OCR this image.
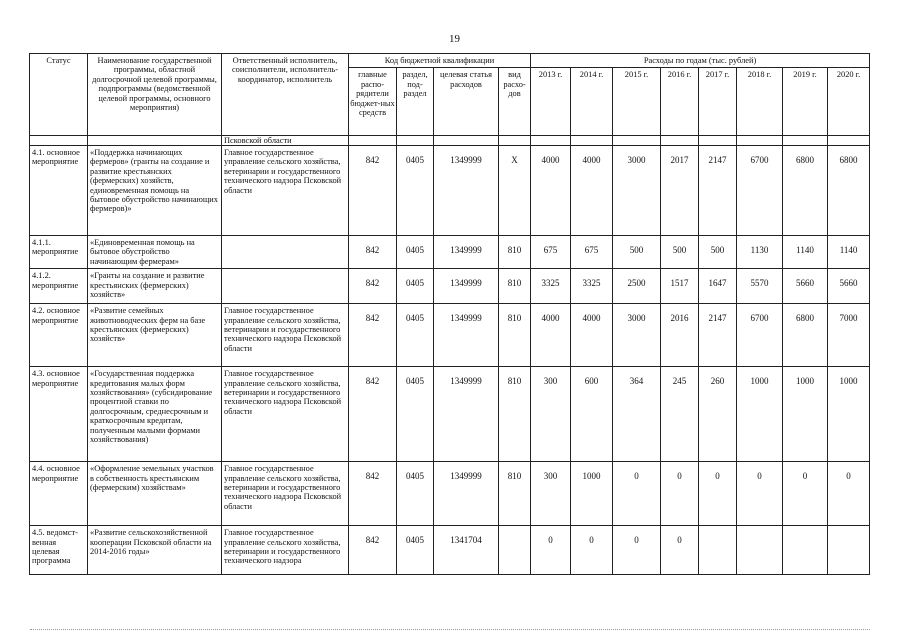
19
Статус	Наименование государственной программы, областной долгосрочной целевой программы, подпрограммы (ведомственной целевой программы, основного мероприятия)	Ответственный исполнитель, соисполнители, исполнитель-координатор, исполнитель	Код бюджетной квалификации				Расходы по годам (тыс. рублей)							
			главные распо-рядители бюджет-ных средств	раздел, под-раздел	целевая статья расходов	вид расхо-дов	2013 г.	2014 г.	2015 г.	2016 г.	2017 г.	2018 г.	2019 г.	2020 г.
		Псковской области												
4.1. основное мероприятие	«Поддержка начинающих фермеров» (гранты на создание и развитие крестьянских (фермерских) хозяйств, единовременная помощь на бытовое обустройство начинающих фермеров)»	Главное государственное управление сельского хозяйства, ветеринарии и государственного технического надзора Псковской области	842	0405	1349999	X	4000	4000	3000	2017	2147	6700	6800	6800
4.1.1. мероприятие	«Единовременная помощь на бытовое обустройство начинающим фермерам»		842	0405	1349999	810	675	675	500	500	500	1130	1140	1140
4.1.2. мероприятие	«Гранты на создание и развитие крестьянских (фермерских) хозяйств»		842	0405	1349999	810	3325	3325	2500	1517	1647	5570	5660	5660
4.2. основное мероприятие	«Развитие семейных животноводческих ферм на базе крестьянских (фермерских) хозяйств»	Главное государственное управление сельского хозяйства, ветеринарии и государственного технического надзора Псковской области	842	0405	1349999	810	4000	4000	3000	2016	2147	6700	6800	7000
4.3. основное мероприятие	«Государственная поддержка кредитования малых форм хозяйствования» (субсидирование процентной ставки по долгосрочным, среднесрочным и краткосрочным кредитам, полученным малыми формами хозяйствования)	Главное государственное управление сельского хозяйства, ветеринарии и государственного технического надзора Псковской области	842	0405	1349999	810	300	600	364	245	260	1000	1000	1000
4.4. основное мероприятие	«Оформление земельных участков в собственность крестьянским (фермерским) хозяйствам»	Главное государственное управление сельского хозяйства, ветеринарии и государственного технического надзора Псковской области	842	0405	1349999	810	300	1000	0	0	0	0	0	0
4.5. ведомст-венная целевая программа	«Развитие сельскохозяйственной кооперации Псковской области на 2014-2016 годы»	Главное государственное управление сельского хозяйства, ветеринарии и государственного технического надзора	842	0405	1341704		0	0	0	0				
